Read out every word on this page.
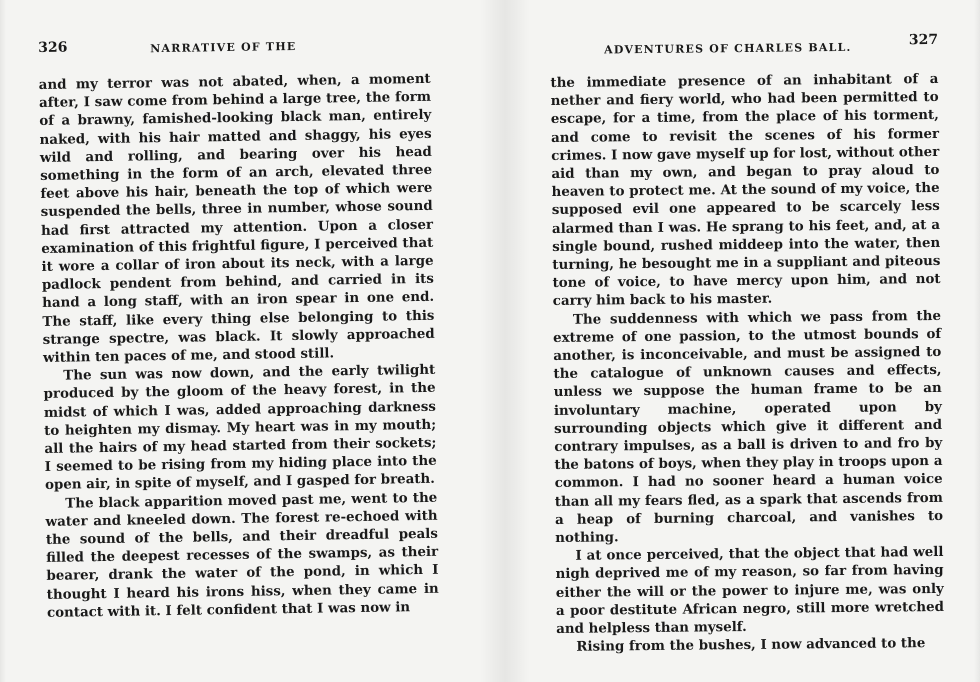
326	NARRATIVE OF THE

and my terror was not abated, when, a moment after, I saw come from behind a large tree, the form of a brawny, famished-looking black man, entirely naked, with his hair matted and shaggy, his eyes wild and rolling, and bearing over his head something in the form of an arch, elevated three feet above his hair, beneath the top of which were suspended the bells, three in number, whose sound had first attracted my attention. Upon a closer examination of this frightful figure, I perceived that it wore a collar of iron about its neck, with a large padlock pendent from behind, and carried in its hand a long staff, with an iron spear in one end. The staff, like every thing else belonging to this strange spectre, was black. It slowly approached within ten paces of me, and stood still.

The sun was now down, and the early twilight produced by the gloom of the heavy forest, in the midst of which I was, added approaching darkness to heighten my dismay. My heart was in my mouth; all the hairs of my head started from their sockets; I seemed to be rising from my hiding place into the open air, in spite of myself, and I gasped for breath.

The black apparition moved past me, went to the water and kneeled down. The forest re-echoed with the sound of the bells, and their dreadful peals filled the deepest recesses of the swamps, as their bearer, drank the water of the pond, in which I thought I heard his irons hiss, when they came in contact with it. I felt confident that I was now in

ADVENTURES OF CHARLES BALL.
327

the immediate presence of an inhabitant of a nether and fiery world, who had been permitted to escape, for a time, from the place of his torment, and come to revisit the scenes of his former crimes. I now gave myself up for lost, without other aid than my own, and began to pray aloud to heaven to protect me. At the sound of my voice, the supposed evil one appeared to be scarcely less alarmed than I was. He sprang to his feet, and, at a single bound, rushed middeep into the water, then turning, he besought me in a suppliant and piteous tone of voice, to have mercy upon him, and not carry him back to his master.

The suddenness with which we pass from the extreme of one passion, to the utmost bounds of another, is inconceivable, and must be assigned to the catalogue of unknown causes and effects, unless we suppose the human frame to be an involuntary machine, operated upon by surrounding objects which give it different and contrary impulses, as a ball is driven to and fro by the batons of boys, when they play in troops upon a common. I had no sooner heard a human voice than all my fears fled, as a spark that ascends from a heap of burning charcoal, and vanishes to nothing.

I at once perceived, that the object that had well nigh deprived me of my reason, so far from having either the will or the power to injure me, was only a poor destitute African negro, still more wretched and helpless than myself.

Rising from the bushes, I now advanced to the
